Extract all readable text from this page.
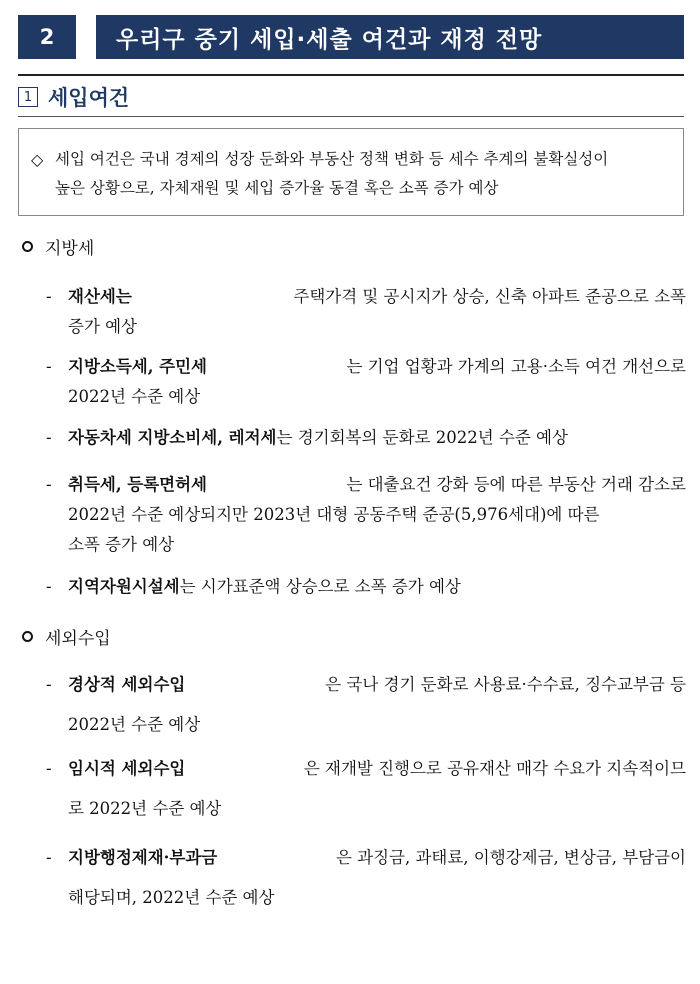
2	우리구 중기 세입·세출 여건과 재정 전망
1 세입여건
◇ 세입 여건은 국내 경제의 성장 둔화와 부동산 정책 변화 등 세수 추계의 불확실성이
높은 상황으로, 자체재원 및 세입 증가율 동결 혹은 소폭 증가 예상
지방세
- 재산세는	주택가격 및 공시지가 상승, 신축 아파트 준공으로 소폭
증가 예상
- 지방소득세, 주민세	는 기업 업황과 가계의 고용·소득 여건 개선으로
2022년 수준 예상
- 자동차세 지방소비세, 레저세 는 경기회복의 둔화로 2022년 수준 예상
- 취득세, 등록면허세	는 대출요건 강화 등에 따른 부동산 거래 감소로
2022년 수준 예상되지만 2023년 대형 공동주택 준공(5,976세대)에 따른
소폭 증가 예상
- 지역자원시설세 는 시가표준액 상승으로 소폭 증가 예상
세외수입
- 경상적 세외수입	은 국나 경기 둔화로 사용료·수수료, 징수교부금 등
2022년 수준 예상
- 임시적 세외수입	은 재개발 진행으로 공유재산 매각 수요가 지속적이므
로 2022년 수준 예상
- 지방행정제재·부과금	은 과징금, 과태료, 이행강제금, 변상금, 부담금이
해당되며, 2022년 수준 예상
